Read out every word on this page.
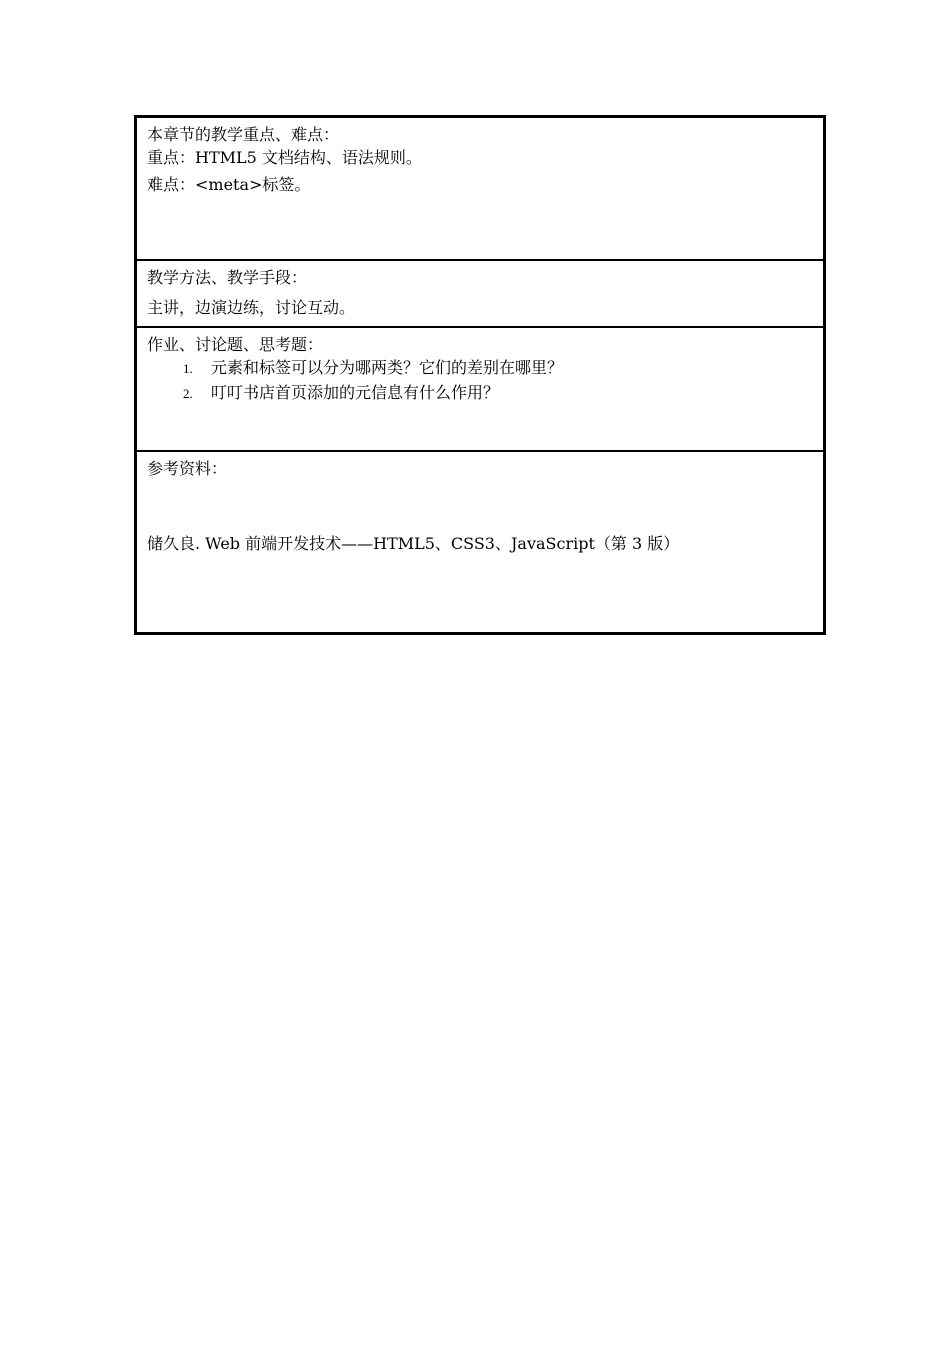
本章节的教学重点、难点：
重点：HTML5 文档结构、语法规则。
难点：<meta>标签。
教学方法、教学手段：
主讲，边演边练，讨论互动。
作业、讨论题、思考题：
1.	元素和标签可以分为哪两类？它们的差别在哪里？
2.	叮叮书店首页添加的元信息有什么作用？
参考资料：
储久良. Web 前端开发技术——HTML5、CSS3、JavaScript（第 3 版）
